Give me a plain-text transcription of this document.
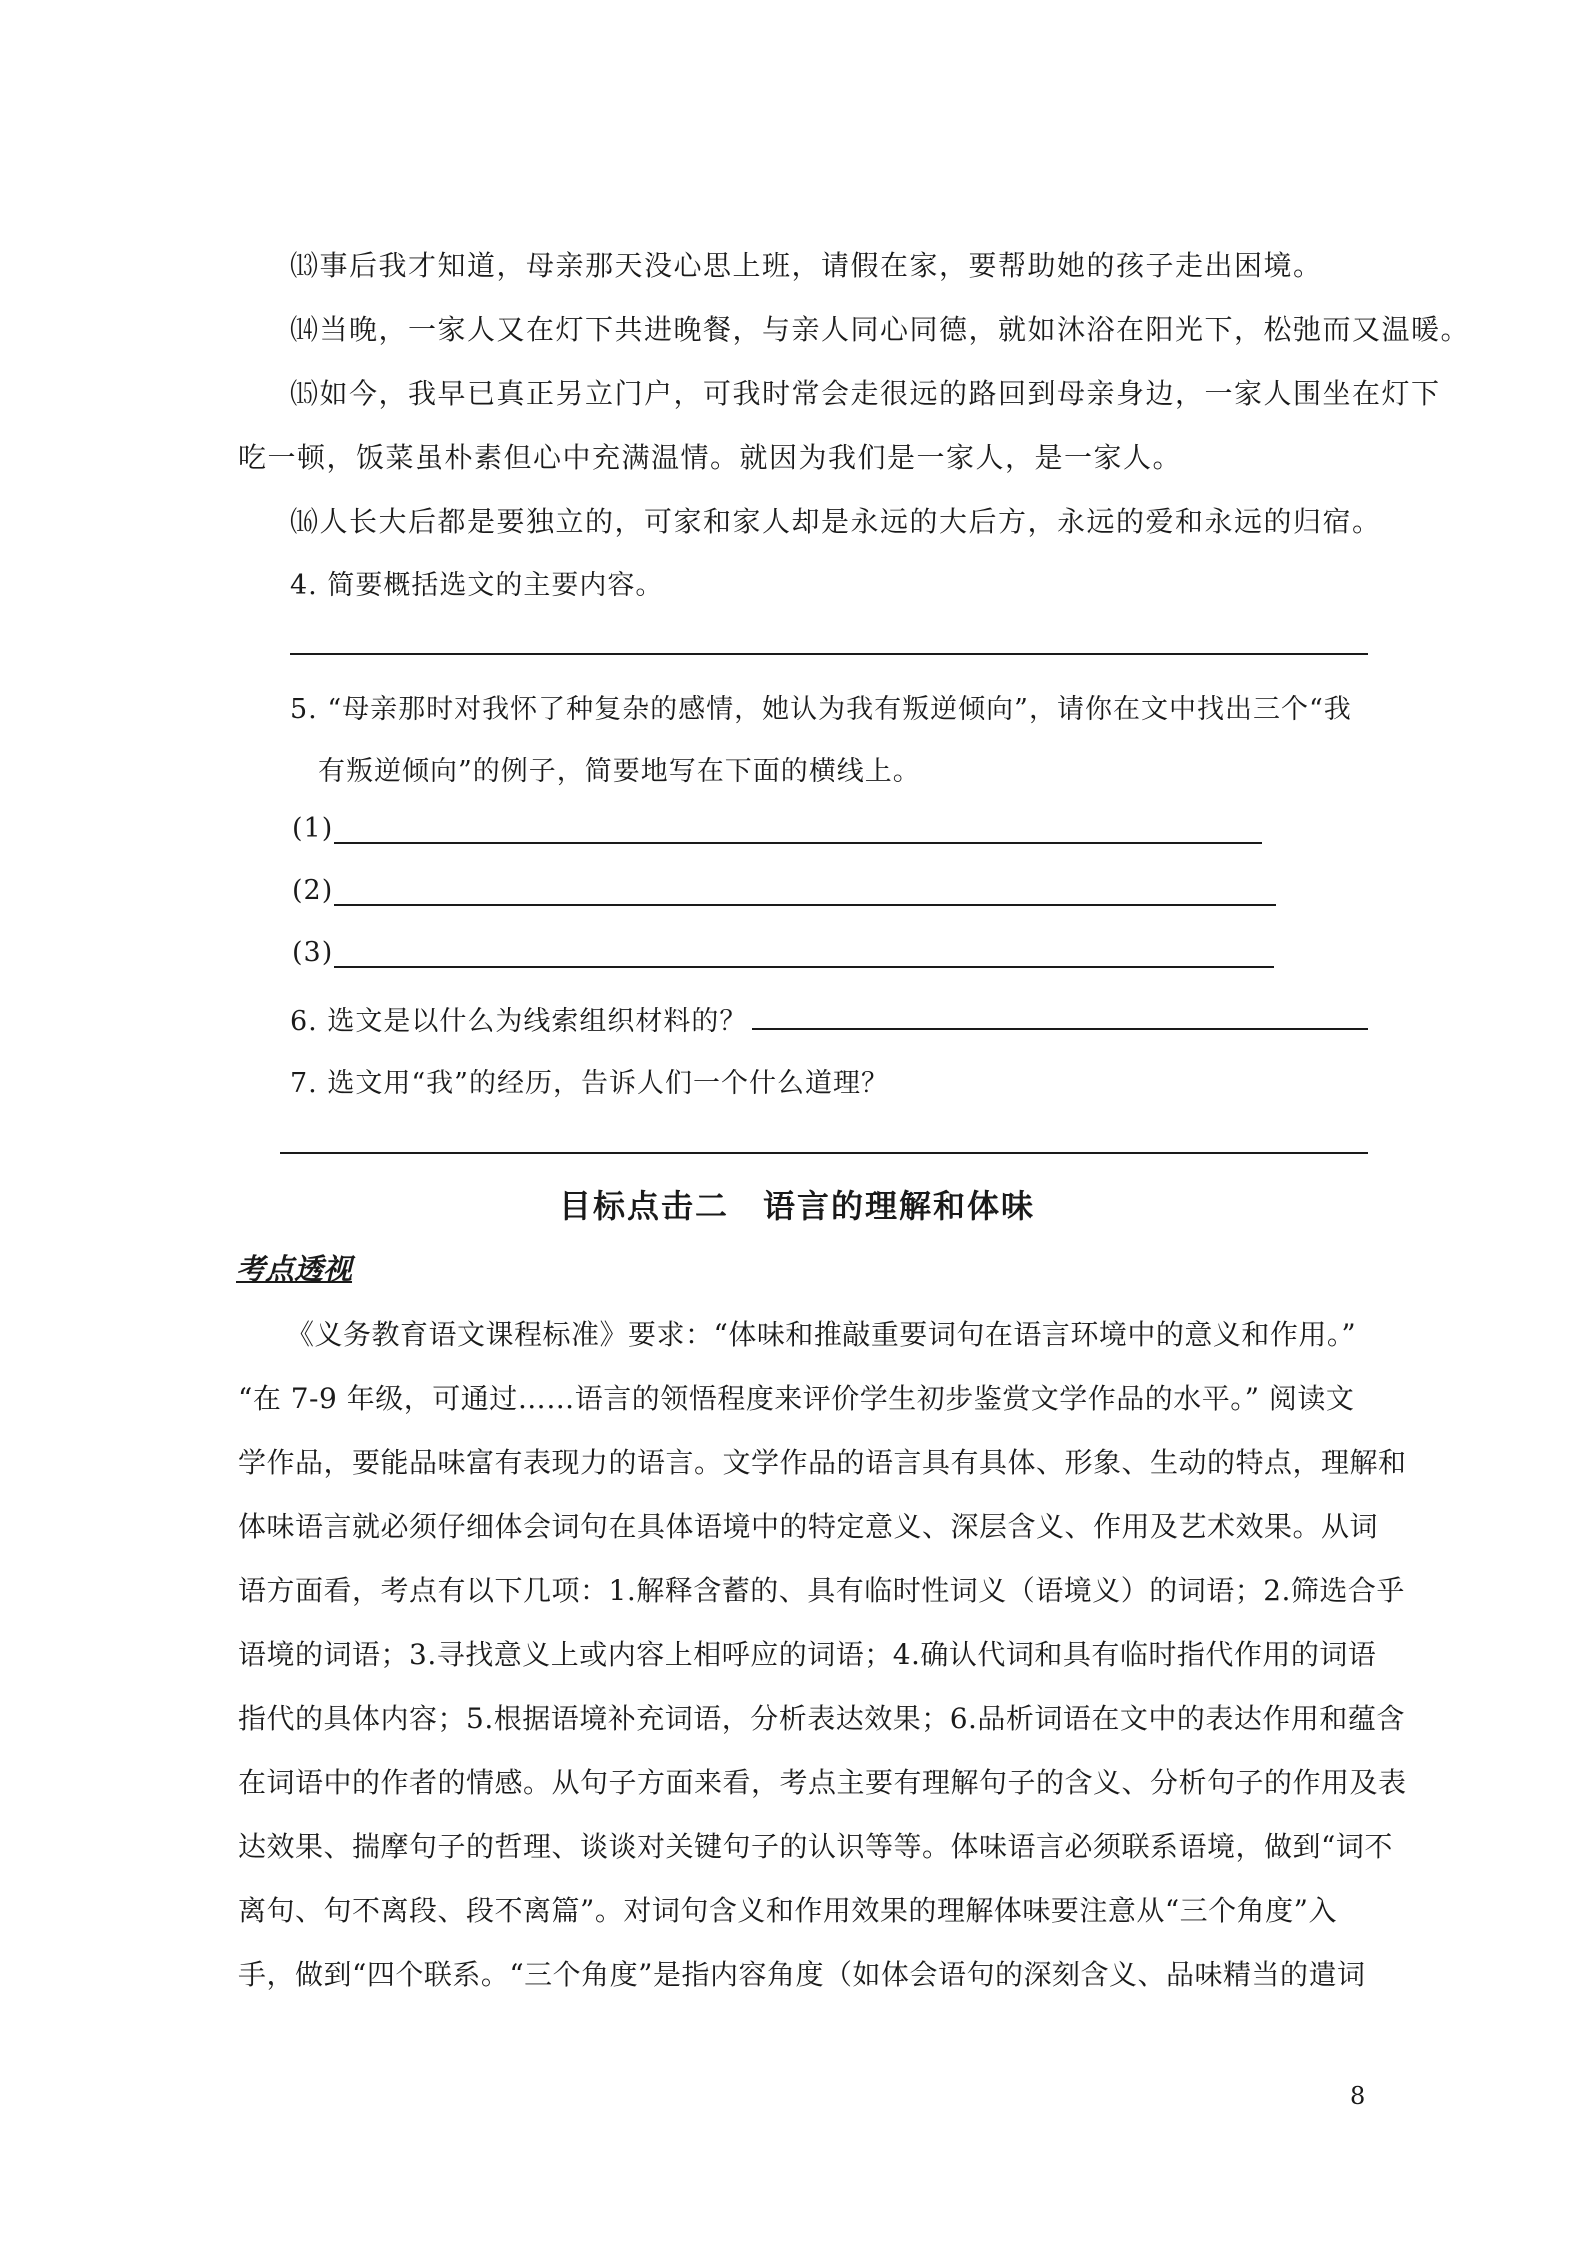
⒀事后我才知道，母亲那天没心思上班，请假在家，要帮助她的孩子走出困境。
⒁当晚，一家人又在灯下共进晚餐，与亲人同心同德，就如沐浴在阳光下，松弛而又温暖。
⒂如今，我早已真正另立门户，可我时常会走很远的路回到母亲身边，一家人围坐在灯下
吃一顿，饭菜虽朴素但心中充满温情。就因为我们是一家人，是一家人。
⒃人长大后都是要独立的，可家和家人却是永远的大后方，永远的爱和永远的归宿。
4. 简要概括选文的主要内容。
5. “母亲那时对我怀了种复杂的感情，她认为我有叛逆倾向”，请你在文中找出三个“我
有叛逆倾向”的例子，简要地写在下面的横线上。
(1)
(2)
(3)
6. 选文是以什么为线索组织材料的？
7. 选文用“我”的经历，告诉人们一个什么道理？
目标点击二　语言的理解和体味
考点透视
《义务教育语文课程标准》要求：“体味和推敲重要词句在语言环境中的意义和作用。”
“在 7-9 年级，可通过……语言的领悟程度来评价学生初步鉴赏文学作品的水平。” 阅读文
学作品，要能品味富有表现力的语言。文学作品的语言具有具体、形象、生动的特点，理解和
体味语言就必须仔细体会词句在具体语境中的特定意义、深层含义、作用及艺术效果。从词
语方面看，考点有以下几项：1.解释含蓄的、具有临时性词义（语境义）的词语；2.筛选合乎
语境的词语；3.寻找意义上或内容上相呼应的词语；4.确认代词和具有临时指代作用的词语
指代的具体内容；5.根据语境补充词语，分析表达效果；6.品析词语在文中的表达作用和蕴含
在词语中的作者的情感。从句子方面来看，考点主要有理解句子的含义、分析句子的作用及表
达效果、揣摩句子的哲理、谈谈对关键句子的认识等等。体味语言必须联系语境，做到“词不
离句、句不离段、段不离篇”。对词句含义和作用效果的理解体味要注意从“三个角度”入
手，做到“四个联系。“三个角度”是指内容角度（如体会语句的深刻含义、品味精当的遣词
8
